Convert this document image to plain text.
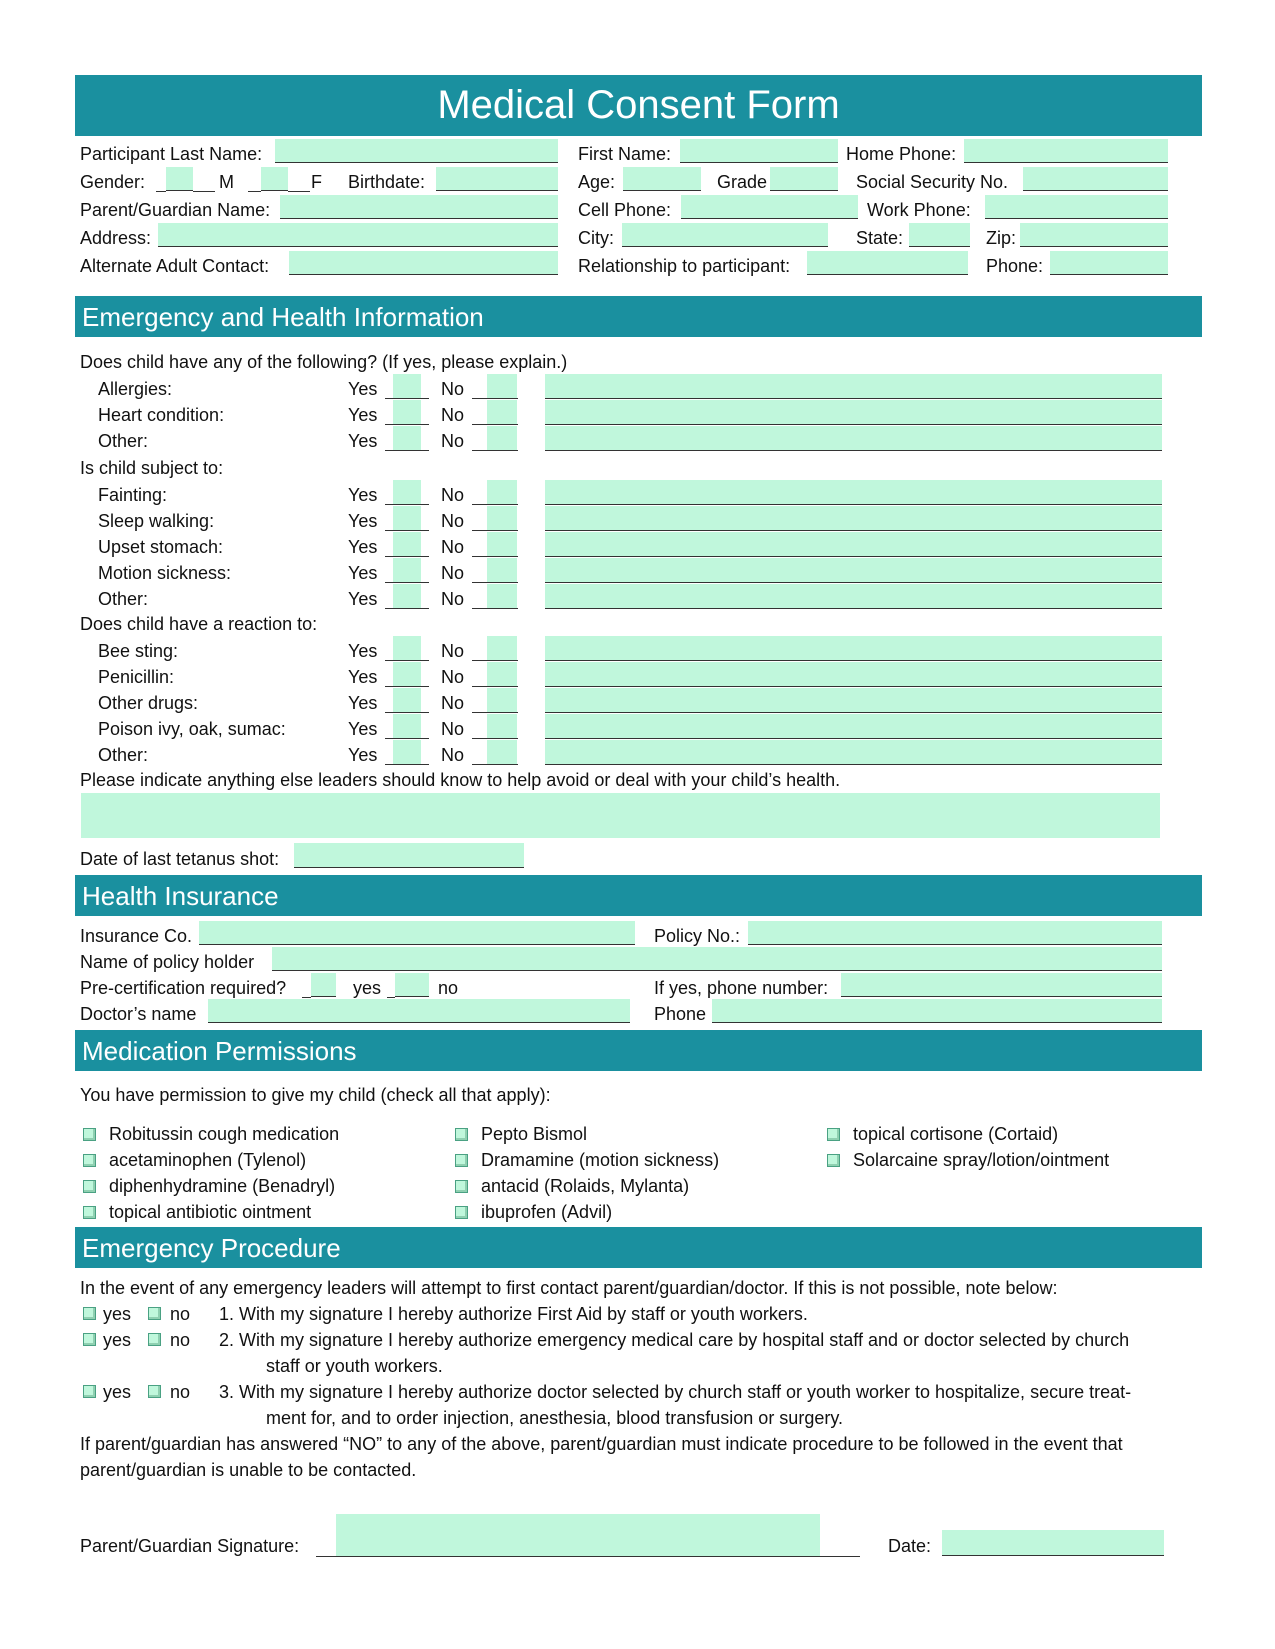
Medical Consent Form
Participant Last Name:	First Name:	Home Phone:
Gender:	M	F Birthdate:	Age:	Grade	Social Security No.
Parent/Guardian Name:	Cell Phone:	Work Phone:
Address:	City:	State:	Zip:
Alternate Adult Contact:	Relationship to participant:	Phone:
Emergency and Health Information
Does child have any of the following? (If yes, please explain.)
Allergies:	Yes	No
Heart condition:	Yes	No
Other:	Yes	No
Is child subject to:
Fainting:	Yes	No
Sleep walking:	Yes	No
Upset stomach:	Yes	No
Motion sickness:	Yes	No
Other:	Yes	No
Does child have a reaction to:
Bee sting:	Yes	No
Penicillin:	Yes	No
Other drugs:	Yes	No
Poison ivy, oak, sumac:	Yes	No
Other:	Yes	No
Please indicate anything else leaders should know to help avoid or deal with your child’s health.
Date of last tetanus shot:
Health Insurance
Insurance Co.	Policy No.:
Name of policy holder
Pre-certification required?	yes	no	If yes, phone number:
Doctor’s name	Phone
Medication Permissions
You have permission to give my child (check all that apply):
Robitussin cough medication
acetaminophen (Tylenol)
diphenhydramine (Benadryl)
topical antibiotic ointment
Pepto Bismol
Dramamine (motion sickness)
antacid (Rolaids, Mylanta)
ibuprofen (Advil)
topical cortisone (Cortaid)
Solarcaine spray/lotion/ointment
Emergency Procedure
In the event of any emergency leaders will attempt to first contact parent/guardian/doctor. If this is not possible, note below:
yes no 1. With my signature I hereby authorize First Aid by staff or youth workers.
yes no 2. With my signature I hereby authorize emergency medical care by hospital staff and or doctor selected by church
staff or youth workers.
yes no 3. With my signature I hereby authorize doctor selected by church staff or youth worker to hospitalize, secure treat-
ment for, and to order injection, anesthesia, blood transfusion or surgery.
If parent/guardian has answered “NO” to any of the above, parent/guardian must indicate procedure to be followed in the event that
parent/guardian is unable to be contacted.
Parent/Guardian Signature:	Date:
